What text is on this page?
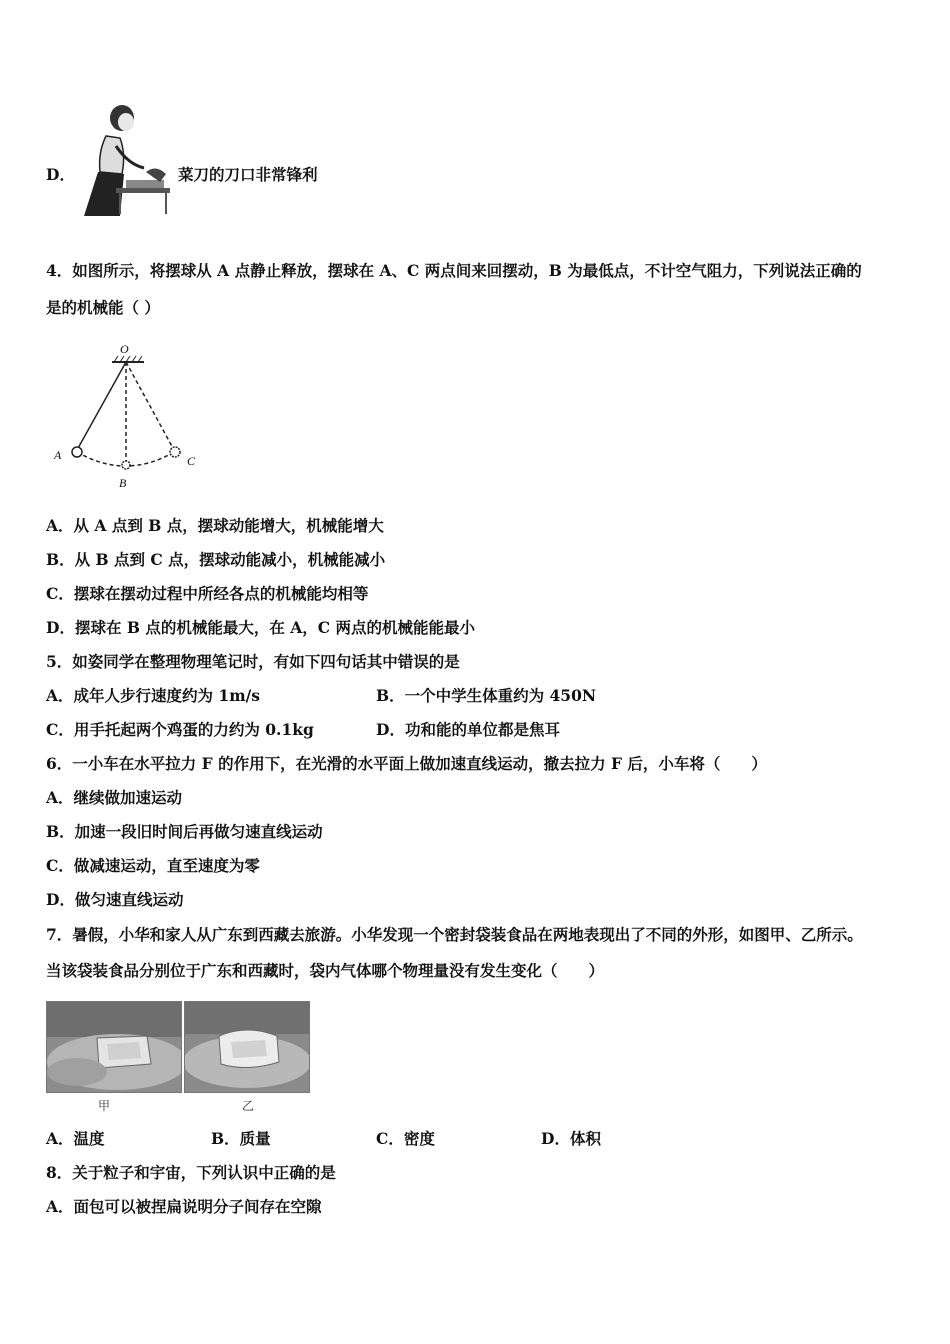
D．	菜刀的刀口非常锋利
4．如图所示，将摆球从 A 点静止释放，摆球在 A、C 两点间来回摆动，B 为最低点，不计空气阻力，下列说法正确的
是的机械能（ ）
O
A
B
C
A．从 A 点到 B 点，摆球动能增大，机械能增大
B．从 B 点到 C 点，摆球动能减小，机械能减小
C．摆球在摆动过程中所经各点的机械能均相等
D．摆球在 B 点的机械能最大，在 A，C 两点的机械能能最小
5．如姿同学在整理物理笔记时，有如下四句话其中错误的是
A．成年人步行速度约为 1m/s	B．一个中学生体重约为 450N
C．用手托起两个鸡蛋的力约为 0.1kg	D．功和能的单位都是焦耳
6．一小车在水平拉力 F 的作用下，在光滑的水平面上做加速直线运动，撤去拉力 F 后，小车将（　　）
A．继续做加速运动
B．加速一段旧时间后再做匀速直线运动
C．做减速运动，直至速度为零
D．做匀速直线运动
7．暑假，小华和家人从广东到西藏去旅游。小华发现一个密封袋装食品在两地表现出了不同的外形，如图甲、乙所示。
当该袋装食品分别位于广东和西藏时，袋内气体哪个物理量没有发生变化（　　）
甲	乙
A．温度	B．质量	C．密度	D．体积
8．关于粒子和宇宙，下列认识中正确的是
A．面包可以被捏扁说明分子间存在空隙
